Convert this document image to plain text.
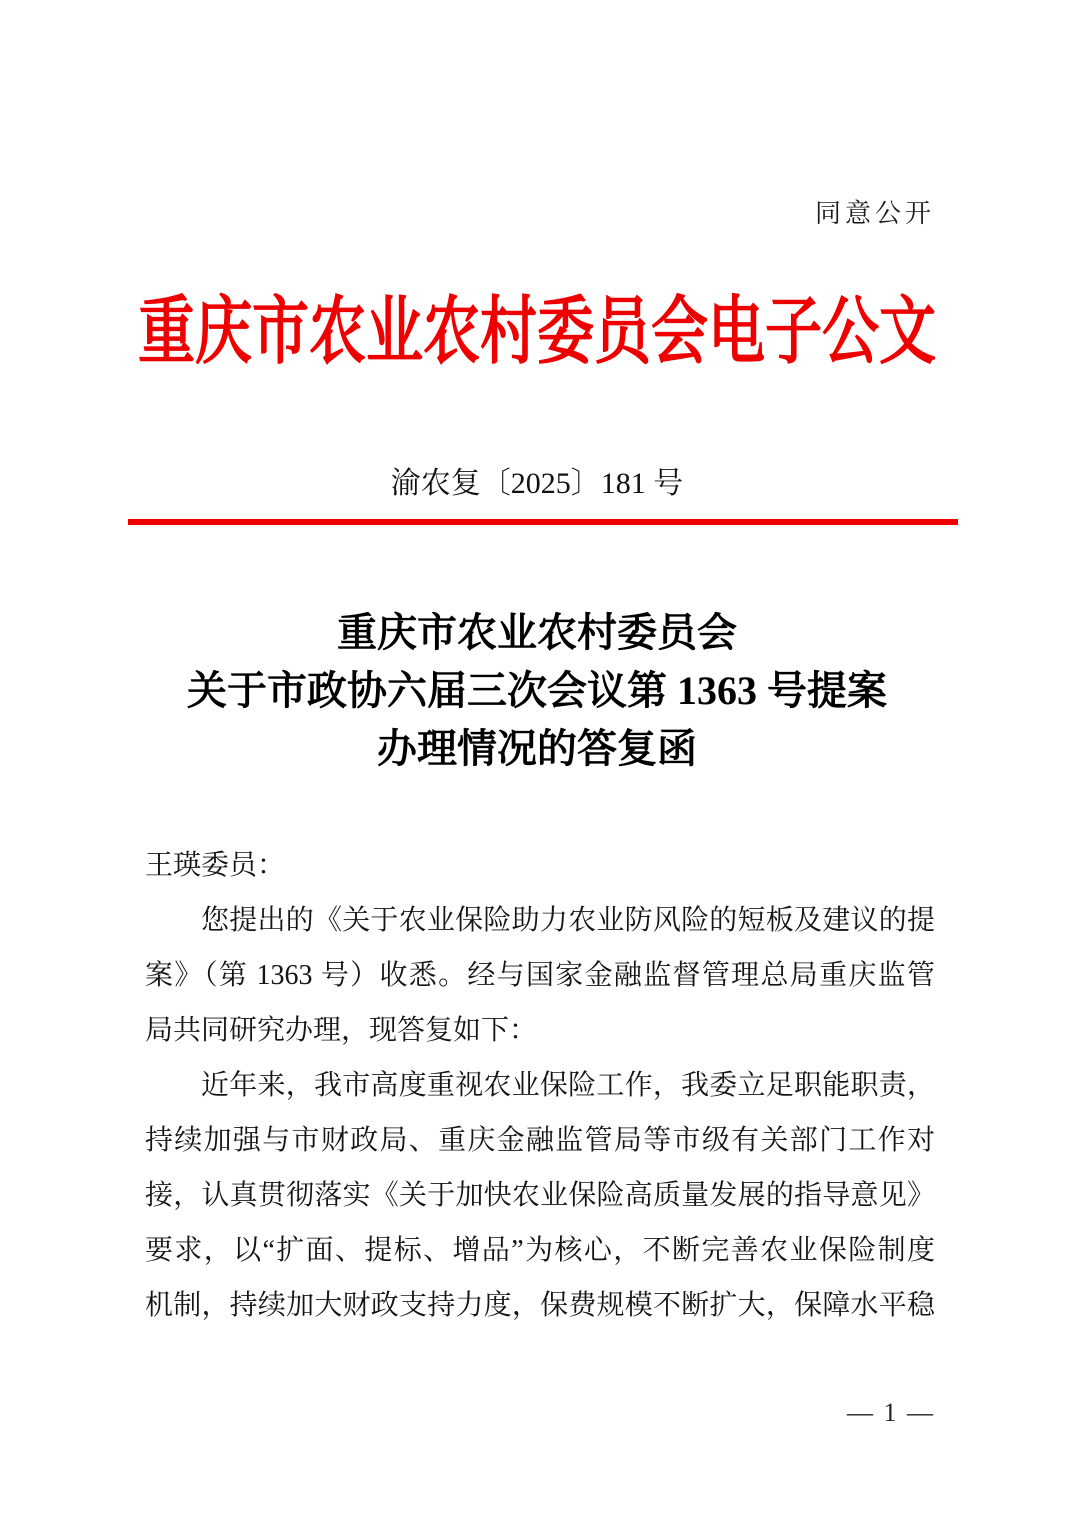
同意公开
重庆市农业农村委员会电子公文
渝农复〔2025〕181 号
重庆市农业农村委员会
关于市政协六届三次会议第 1363 号提案
办理情况的答复函
王瑛委员：
您提出的《关于农业保险助力农业防风险的短板及建议的提
案》（第 1363 号）收悉。经与国家金融监督管理总局重庆监管
局共同研究办理，现答复如下：
近年来，我市高度重视农业保险工作，我委立足职能职责，
持续加强与市财政局、重庆金融监管局等市级有关部门工作对
接，认真贯彻落实《关于加快农业保险高质量发展的指导意见》
要求，以“扩面、提标、增品”为核心，不断完善农业保险制度
机制，持续加大财政支持力度，保费规模不断扩大，保障水平稳
— 1 —
